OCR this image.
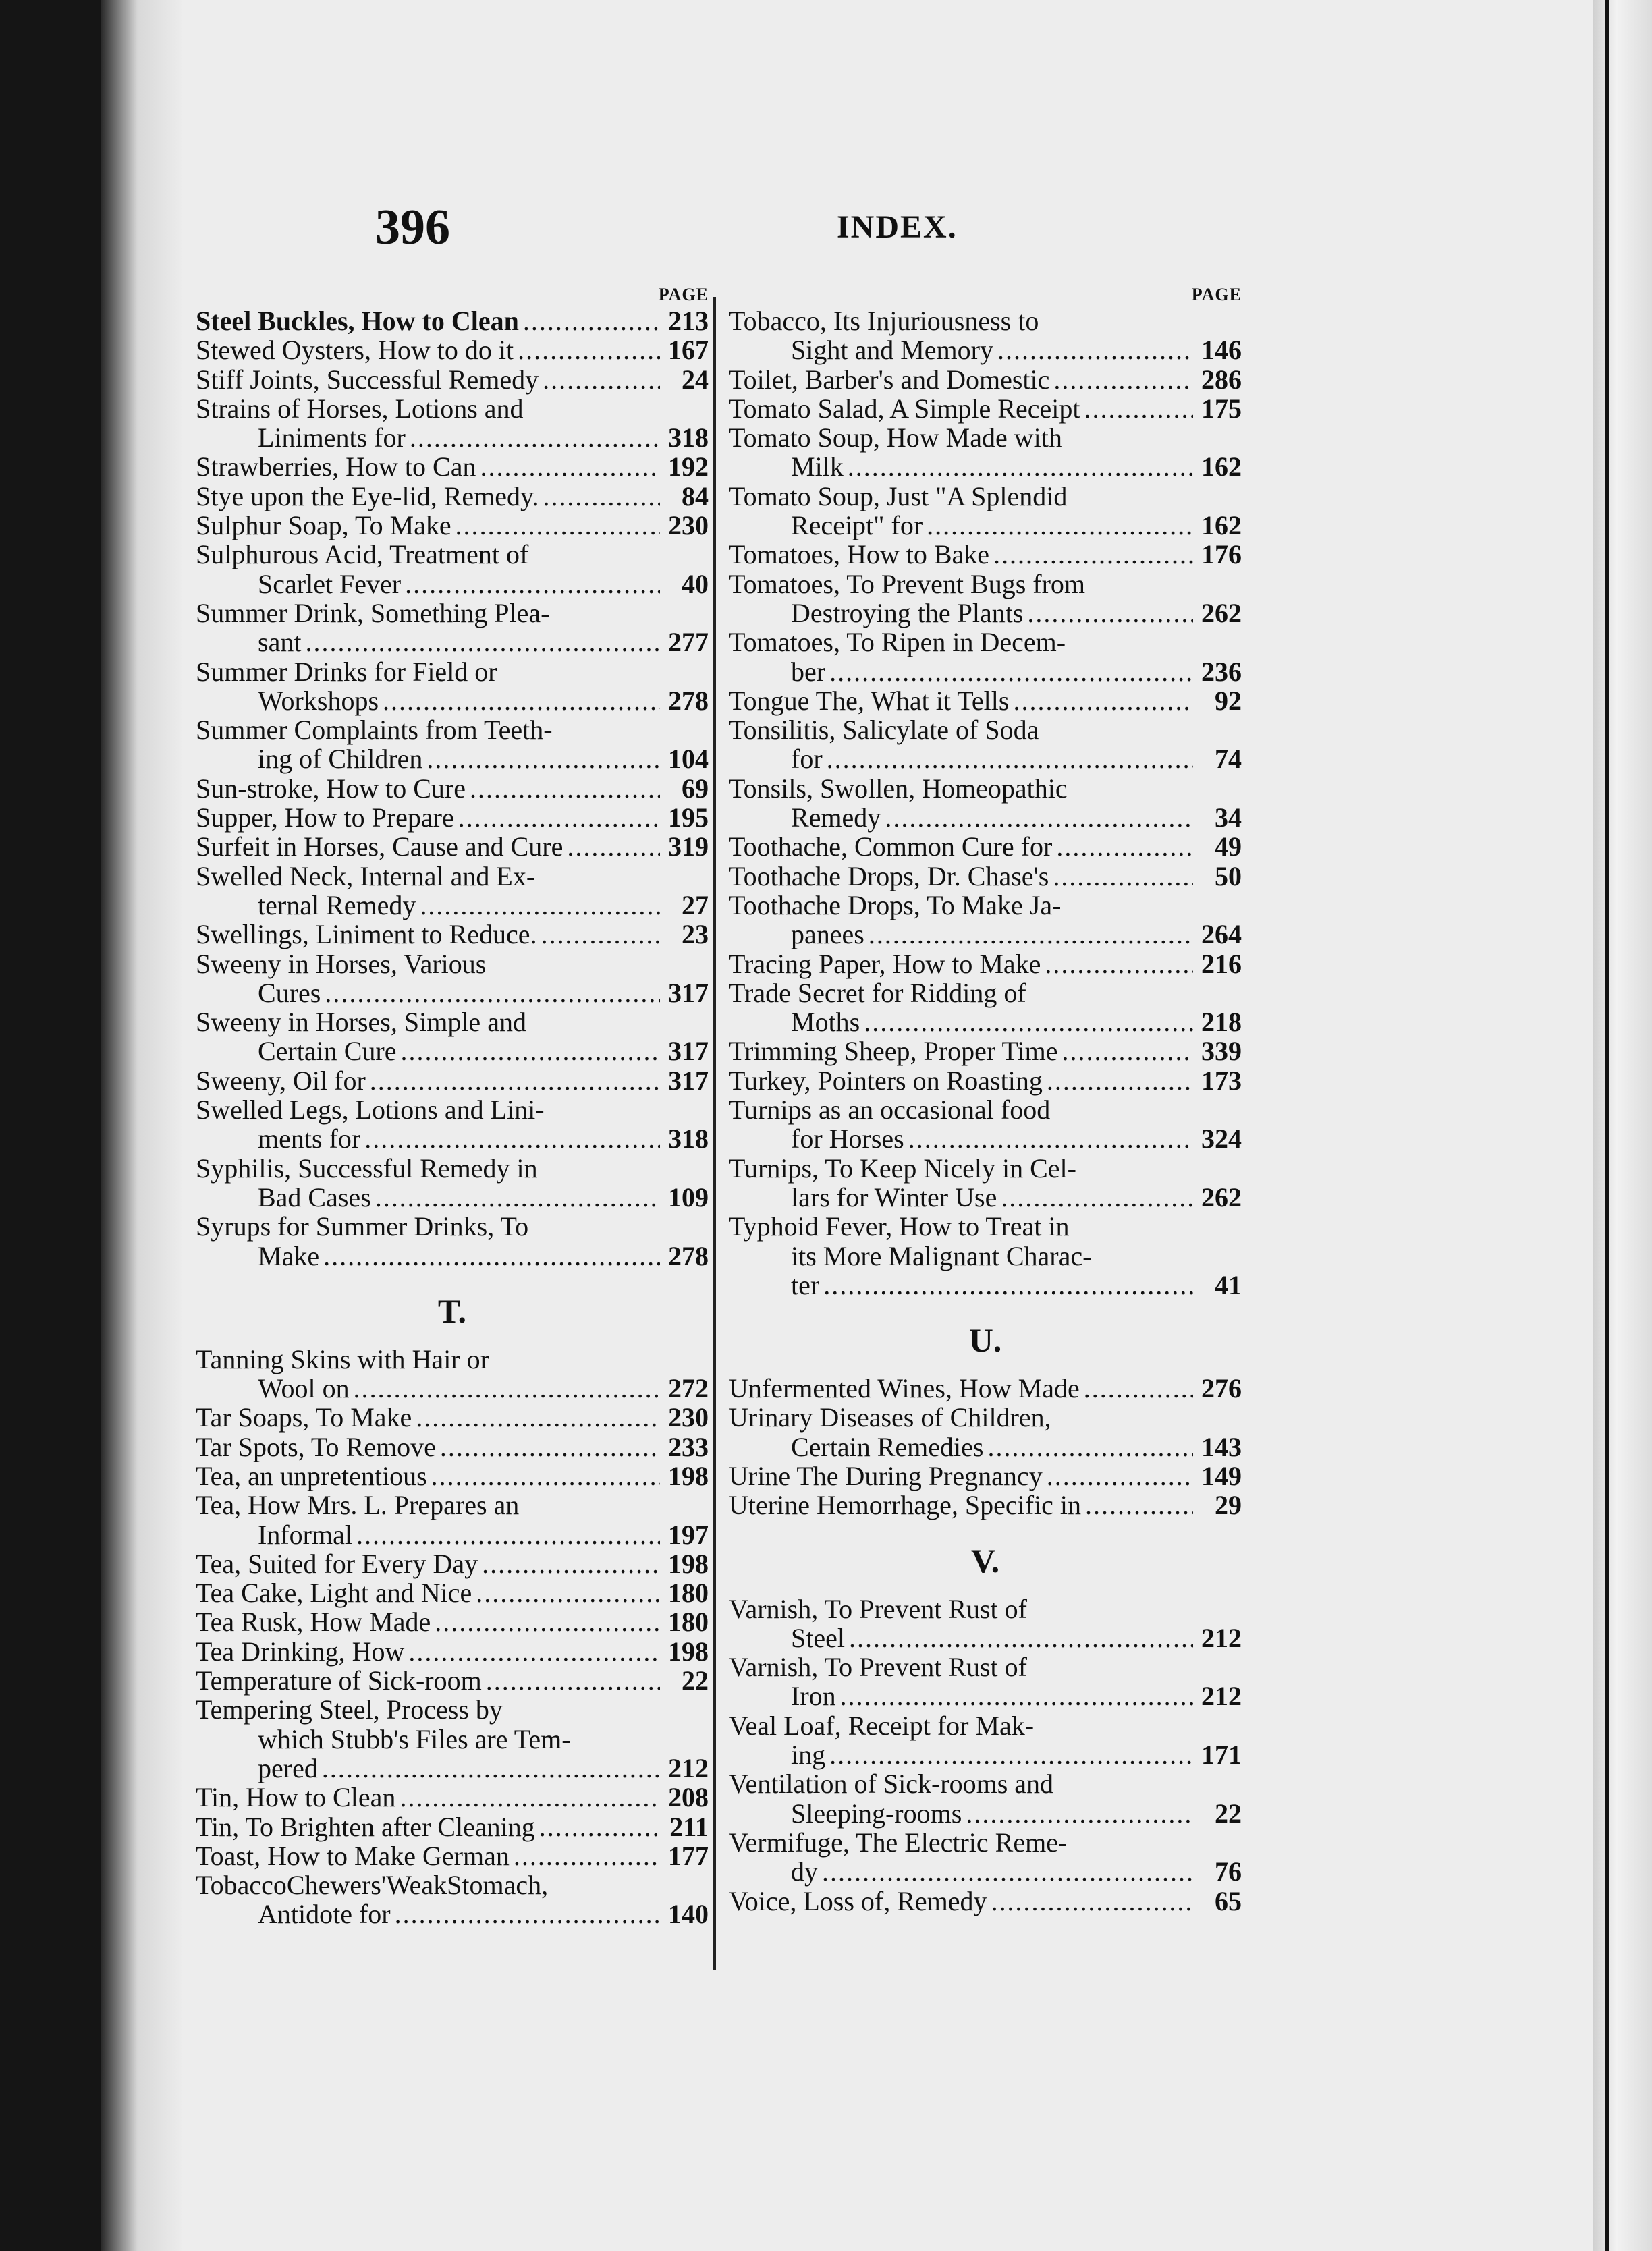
396	INDEX.
PAGE
Steel Buckles, How to Clean .....	213
Stewed Oysters, How to do it .....	167
Stiff Joints, Successful Remedy .....	24
Strains of Horses, Lotions and
Liniments for .....	318
Strawberries, How to Can .....	192
Stye upon the Eye-lid, Remedy. .....	84
Sulphur Soap, To Make .....	230
Sulphurous Acid, Treatment of
Scarlet Fever .....	40
Summer Drink, Something Plea-
sant .....	277
Summer Drinks for Field or
Workshops .....	278
Summer Complaints from Teeth-
ing of Children .....	104
Sun-stroke, How to Cure .....	69
Supper, How to Prepare .....	195
Surfeit in Horses, Cause and Cure .....	319
Swelled Neck, Internal and Ex-
ternal Remedy .....	27
Swellings, Liniment to Reduce. .....	23
Sweeny in Horses, Various
Cures .....	317
Sweeny in Horses, Simple and
Certain Cure .....	317
Sweeny, Oil for .....	317
Swelled Legs, Lotions and Lini-
ments for .....	318
Syphilis, Successful Remedy in
Bad Cases .....	109
Syrups for Summer Drinks, To
Make .....	278
T.
Tanning Skins with Hair or
Wool on .....	272
Tar Soaps, To Make .....	230
Tar Spots, To Remove .....	233
Tea, an unpretentious .....	198
Tea, How Mrs. L. Prepares an
Informal .....	197
Tea, Suited for Every Day .....	198
Tea Cake, Light and Nice .....	180
Tea Rusk, How Made .....	180
Tea Drinking, How .....	198
Temperature of Sick-room .....	22
Tempering Steel, Process by
which Stubb's Files are Tem-
pered .....	212
Tin, How to Clean .....	208
Tin, To Brighten after Cleaning .....	211
Toast, How to Make German .....	177
TobaccoChewers'WeakStomach,
Antidote for .....	140
PAGE
Tobacco, Its Injuriousness to
Sight and Memory .....	146
Toilet, Barber's and Domestic .....	286
Tomato Salad, A Simple Receipt .....	175
Tomato Soup, How Made with
Milk .....	162
Tomato Soup, Just "A Splendid
Receipt" for .....	162
Tomatoes, How to Bake .....	176
Tomatoes, To Prevent Bugs from
Destroying the Plants .....	262
Tomatoes, To Ripen in Decem-
ber .....	236
Tongue The, What it Tells .....	92
Tonsilitis, Salicylate of Soda
for .....	74
Tonsils, Swollen, Homeopathic
Remedy .....	34
Toothache, Common Cure for .....	49
Toothache Drops, Dr. Chase's .....	50
Toothache Drops, To Make Ja-
panees .....	264
Tracing Paper, How to Make .....	216
Trade Secret for Ridding of
Moths .....	218
Trimming Sheep, Proper Time .....	339
Turkey, Pointers on Roasting .....	173
Turnips as an occasional food
for Horses .....	324
Turnips, To Keep Nicely in Cel-
lars for Winter Use .....	262
Typhoid Fever, How to Treat in
its More Malignant Charac-
ter .....	41
U.
Unfermented Wines, How Made .....	276
Urinary Diseases of Children,
Certain Remedies .....	143
Urine The During Pregnancy .....	149
Uterine Hemorrhage, Specific in .....	29
V.
Varnish, To Prevent Rust of
Steel .....	212
Varnish, To Prevent Rust of
Iron .....	212
Veal Loaf, Receipt for Mak-
ing .....	171
Ventilation of Sick-rooms and
Sleeping-rooms .....	22
Vermifuge, The Electric Reme-
dy .....	76
Voice, Loss of, Remedy .....	65
